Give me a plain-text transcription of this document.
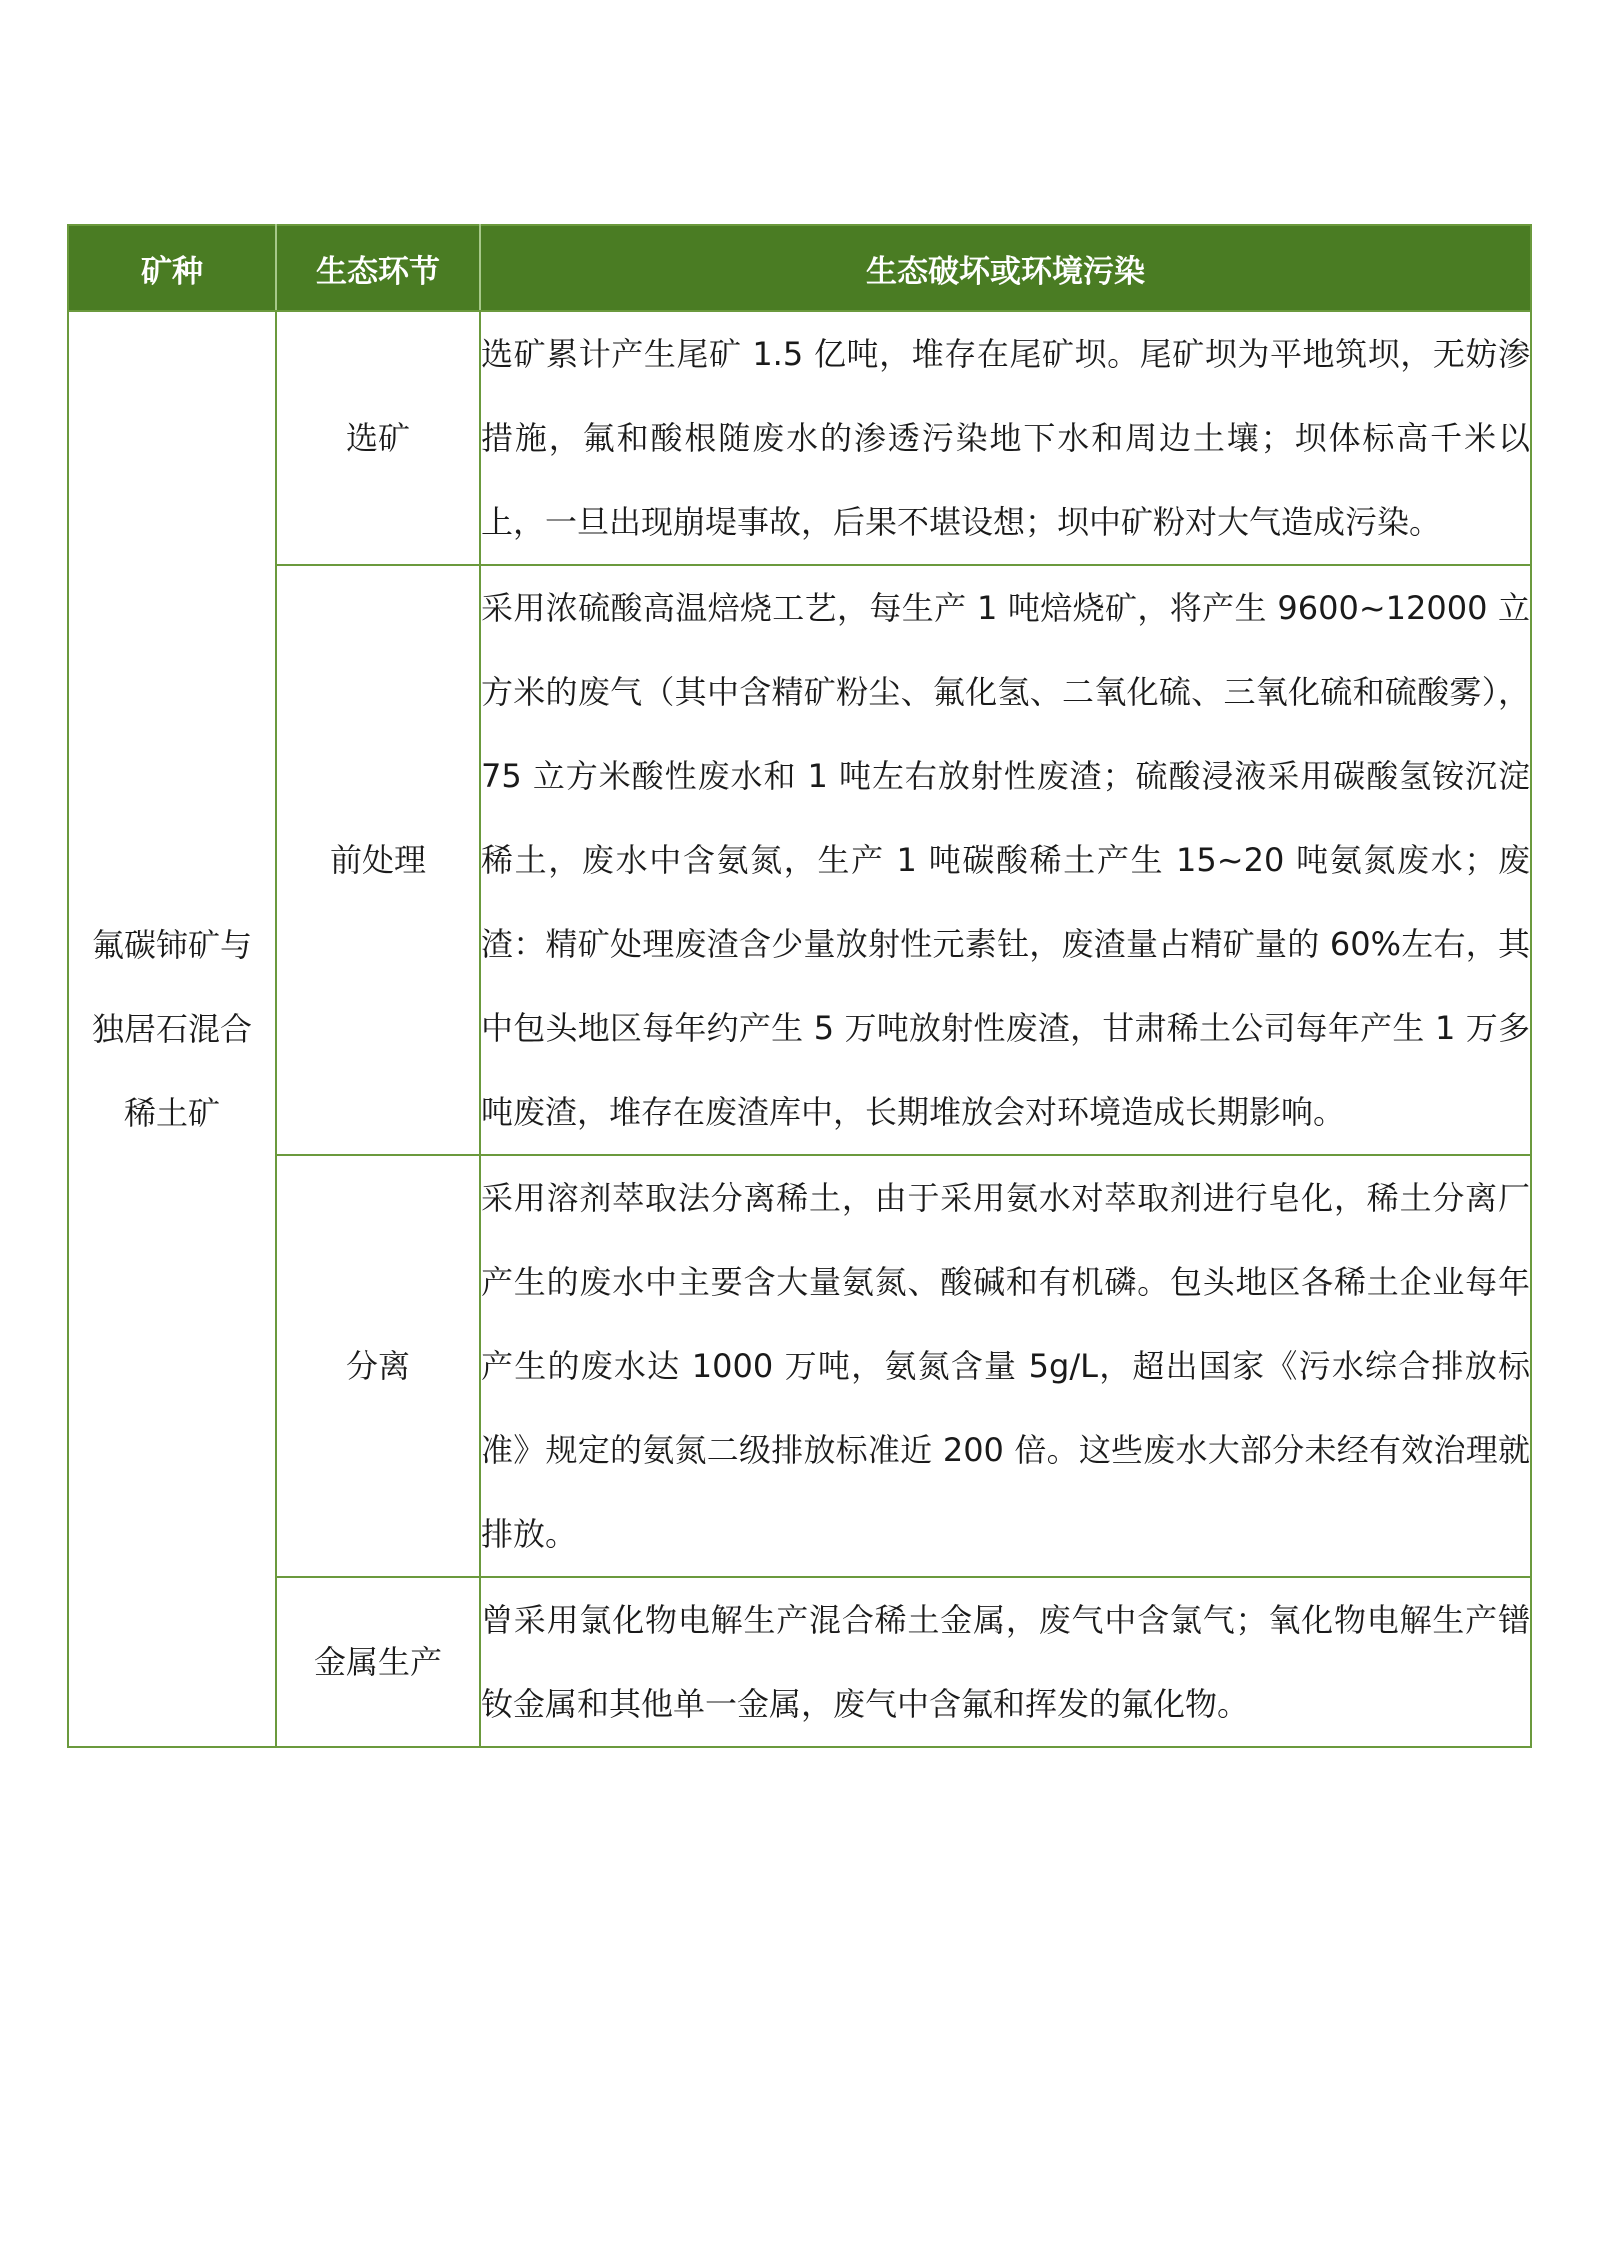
矿种	生态环节	生态破坏或环境污染
氟碳铈矿与独居石混合稀土矿	选矿	选矿累计产生尾矿 1.5 亿吨，堆存在尾矿坝。尾矿坝为平地筑坝，无妨渗措施，氟和酸根随废水的渗透污染地下水和周边土壤；坝体标高千米以上，一旦出现崩堤事故，后果不堪设想；坝中矿粉对大气造成污染。
	前处理	采用浓硫酸高温焙烧工艺，每生产 1 吨焙烧矿，将产生 9600~12000 立方米的废气（其中含精矿粉尘、氟化氢、二氧化硫、三氧化硫和硫酸雾），75 立方米酸性废水和 1 吨左右放射性废渣；硫酸浸液采用碳酸氢铵沉淀稀土，废水中含氨氮，生产 1 吨碳酸稀土产生 15~20 吨氨氮废水；废渣：精矿处理废渣含少量放射性元素钍，废渣量占精矿量的 60%左右，其中包头地区每年约产生 5 万吨放射性废渣，甘肃稀土公司每年产生 1 万多吨废渣，堆存在废渣库中，长期堆放会对环境造成长期影响。
	分离	采用溶剂萃取法分离稀土，由于采用氨水对萃取剂进行皂化，稀土分离厂产生的废水中主要含大量氨氮、酸碱和有机磷。包头地区各稀土企业每年产生的废水达 1000 万吨，氨氮含量 5g/L，超出国家《污水综合排放标准》规定的氨氮二级排放标准近 200 倍。这些废水大部分未经有效治理就排放。
	金属生产	曾采用氯化物电解生产混合稀土金属，废气中含氯气；氧化物电解生产镨钕金属和其他单一金属，废气中含氟和挥发的氟化物。
